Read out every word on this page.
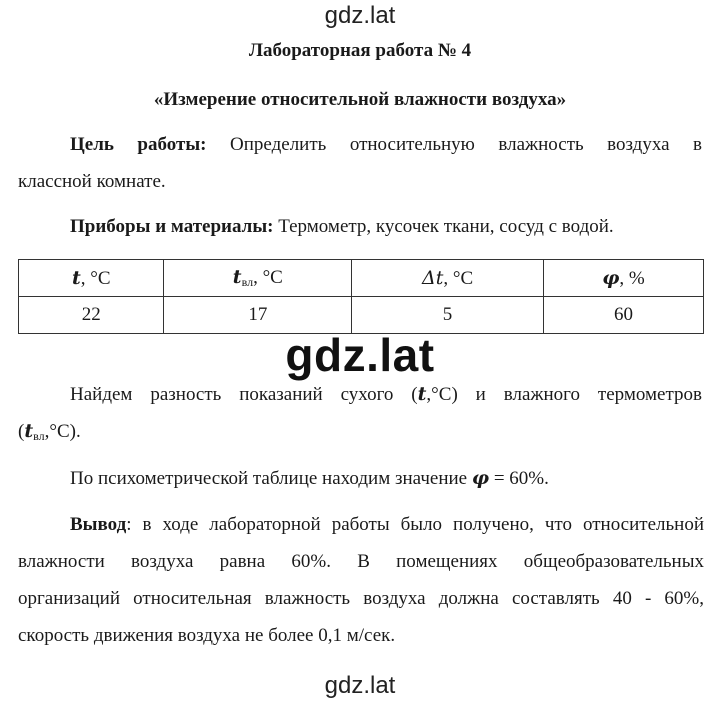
gdz.lat
Лабораторная работа № 4
«Измерение относительной влажности воздуха»
Цель работы: Определить относительную влажность воздуха в
классной комнате.
Приборы и материалы: Термометр, кусочек ткани, сосуд с водой.
t, °C	$t_{вл}$, °C	Δt, °C	φ, %
22	17	5	60
gdz.lat
Найдем разность показаний сухого (t,°C) и влажного термометров
$(t_{вл},^\circ C)$.
По психометрической таблице находим значение φ = 60%.
Вывод: в ходе лабораторной работы было получено, что относительной
влажности воздуха равна 60%. В помещениях общеобразовательных
организаций относительная влажность воздуха должна составлять 40 - 60%,
скорость движения воздуха не более 0,1 м/сек.
gdz.lat
